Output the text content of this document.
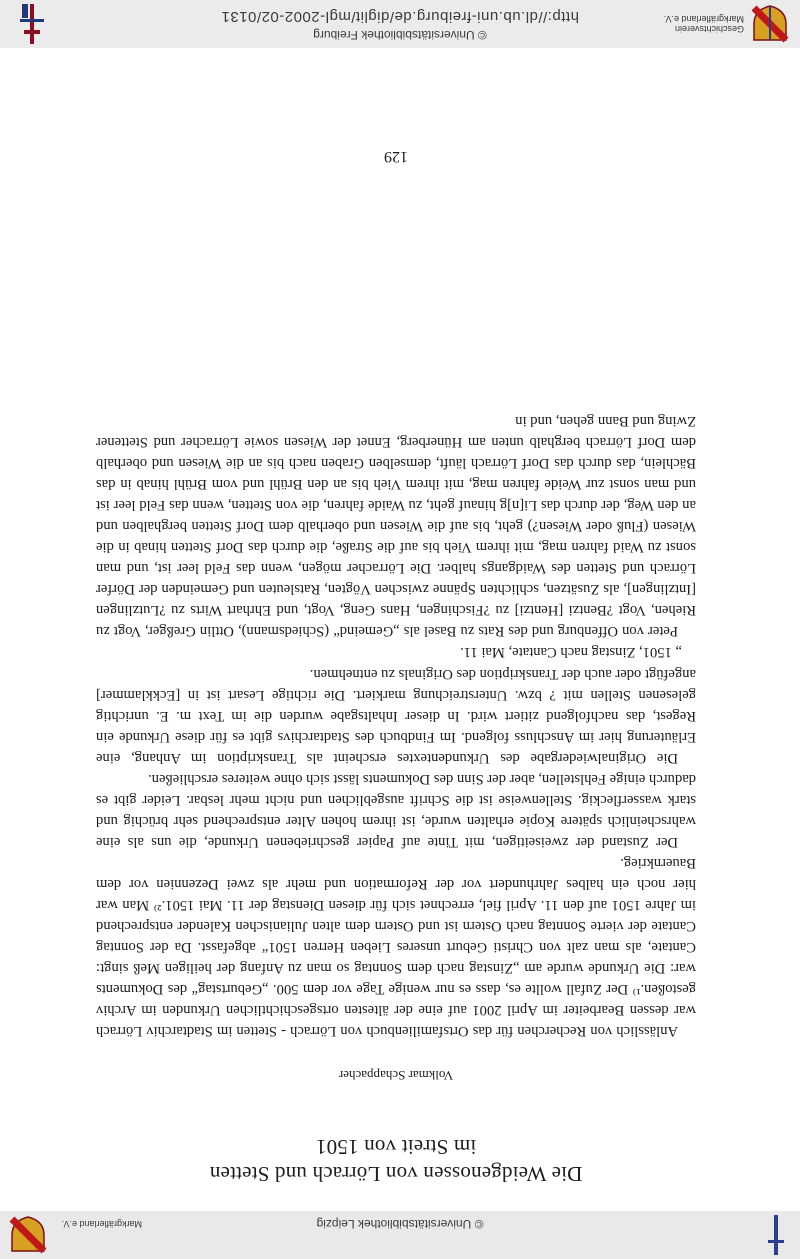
Geschichtsverein
Markgräflerland e.V.
© Universitätsbibliothek Freiburg
http://dl.ub.uni-freiburg.de/diglit/mgl-2002-02/0131
© Universitätsbibliothek Leipzig
Markgräflerland e.V.
Die Weidgenossen von Lörrach und Stetten
im Streit von 1501
Volkmar Schappacher

Anlässlich von Recherchen für das Ortsfamilienbuch von Lörrach - Stetten im Stadtarchiv Lörrach war dessen Bearbeiter im April 2001 auf eine der ältesten ortsgeschichtlichen Urkunden im Archiv gestoßen.¹⁾ Der Zufall wollte es, dass es nur wenige Tage vor dem 500. „Geburtstag“ des Dokuments war: Die Urkunde wurde am „Zinstag nach dem Sonntag so man zu Anfang der heiligen Meß singt: Cantate, als man zalt von Christi Geburt unseres Lieben Herren 1501“ abgefasst. Da der Sonntag Cantate der vierte Sonntag nach Ostern ist und Ostern dem alten Julianischen Kalender entsprechend im Jahre 1501 auf den 11. April fiel, errechnet sich für diesen Dienstag der 11. Mai 1501.²⁾ Man war hier noch ein halbes Jahrhundert vor der Reformation und mehr als zwei Dezennien vor dem Bauernkrieg.

Der Zustand der zweiseitigen, mit Tinte auf Papier geschriebenen Urkunde, die uns als eine wahrscheinlich spätere Kopie erhalten wurde, ist ihrem hohen Alter entsprechend sehr brüchig und stark wasserfleckig. Stellenweise ist die Schrift ausgeblichen und nicht mehr lesbar. Leider gibt es dadurch einige Fehlstellen, aber der Sinn des Dokuments lässt sich ohne weiteres erschließen.

Die Originalwiedergabe des Urkundentextes erscheint als Transkription im Anhang, eine Erläuterung hier im Anschluss folgend. Im Findbuch des Stadtarchivs gibt es für diese Urkunde ein Regest, das nachfolgend zitiert wird. In dieser Inhaltsgabe wurden die im Text m. E. unrichtig gelesenen Stellen mit ? bzw. Unterstreichung markiert. Die richtige Lesart ist in [Eckklammer] angefügt oder auch der Transkription des Originals zu entnehmen.

„ 1501, Zinstag nach Cantate, Mai 11.

Peter von Offenburg und des Rats zu Basel als „Gemeind“ (Schiedsmann), Ottlin Greßger, Vogt zu Riehen, Vogt ?Bentzi [Hentzi] zu ?Fischingen, Hans Geng, Vogt, und Ehrhart Wirts zu ?Lutzlingen [Intzlingen], als Zusätzen, schlichten Spänne zwischen Vögten, Ratsleuten und Gemeinden der Dörfer Lörrach und Stetten des Waidgangs halber. Die Lörracher mögen, wenn das Feld leer ist, und man sonst zu Waid fahren mag, mit ihrem Vieh bis auf die Straße, die durch das Dorf Stetten hinab in die Wiesen (Fluß oder Wiesen?) geht, bis auf die Wiesen und oberhalb dem Dorf Stetten berghalben und an den Weg, der durch das Li[n]g hinauf geht, zu Waide fahren, die von Stetten, wenn das Feld leer ist und man sonst zur Weide fahren mag, mit ihrem Vieh bis an den Brühl und vom Brühl hinab in das Bächlein, das durch das Dorf Lörrach läuft, demselben Graben nach bis an die Wiesen und oberhalb dem Dorf Lörrach berghalb unten am Hünerberg, Ennet der Wiesen sowie Lörracher und Stettener Zwing und Bann gehen, und in

129
